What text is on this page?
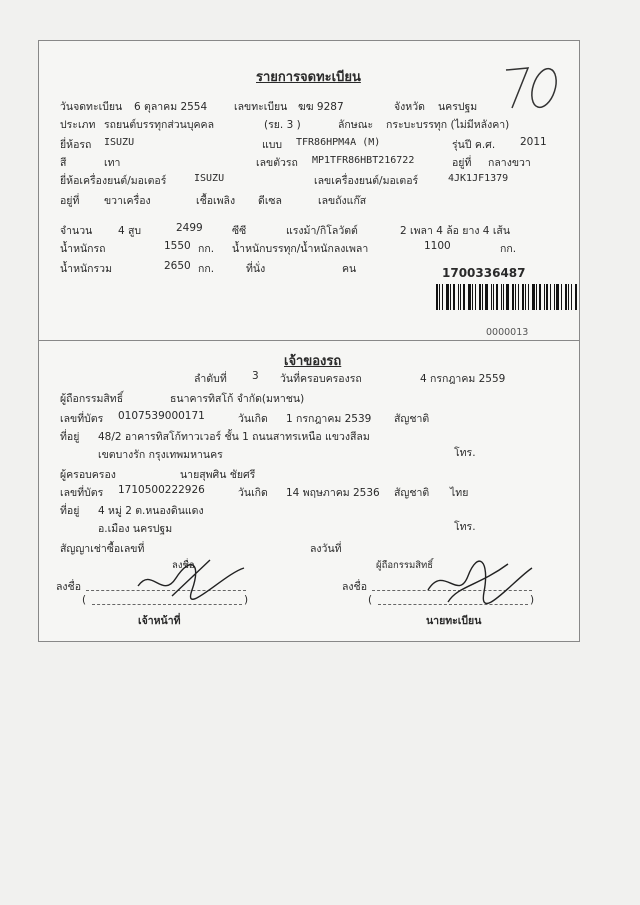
รายการจดทะเบียน
วันจดทะเบียน 6 ตุลาคม 2554	เลขทะเบียน ฆฆ 9287	จังหวัด นครปฐม
ประเภท รถยนต์บรรทุกส่วนบุคคล	(รย. 3 )	ลักษณะ กระบะบรรทุก (ไม่มีหลังคา)
ยี่ห้อรถ ISUZU	แบบ TFR86HPM4A (M)	รุ่นปี ค.ศ. 2011
สี	เทา	เลขตัวรถ MP1TFR86HBT216722	อยู่ที่ กลางขวา
ยี่ห้อเครื่องยนต์/มอเตอร์	ISUZU	เลขเครื่องยนต์/มอเตอร์	4JK1JF1379
อยู่ที่ ขวาเครื่อง	เชื้อเพลิง ดีเซล	เลขถังแก๊ส
จำนวน 4 สูบ	2499	ซีซี	แรงม้า/กิโลวัตต์	2 เพลา 4 ล้อ ยาง 4 เส้น
น้ำหนักรถ	1550 กก. น้ำหนักบรรทุก/น้ำหนักลงเพลา	1100	กก.
น้ำหนักรวม	2650 กก.	ที่นั่ง	คน	1700336487
0000013
เจ้าของรถ
ลำดับที่ 3 วันที่ครอบครองรถ	4 กรกฎาคม 2559
ผู้ถือกรรมสิทธิ์	ธนาคารทิสโก้ จำกัด(มหาชน)
เลขที่บัตร 0107539000171	วันเกิด 1 กรกฎาคม 2539 สัญชาติ
ที่อยู่ 48/2 อาคารทิสโก้ทาวเวอร์ ชั้น 1 ถนนสาทรเหนือ แขวงสีลม
เขตบางรัก กรุงเทพมหานคร	โทร.
ผู้ครอบครอง	นายสุพศิน ชัยศรี
เลขที่บัตร 1710500222926	วันเกิด 14 พฤษภาคม 2536 สัญชาติ ไทย
ที่อยู่ 4 หมู่ 2 ต.หนองดินแดง
อ.เมือง นครปฐม	โทร.
สัญญาเช่าซื้อเลขที่	ลงวันที่
ลงชื่อ	ผู้ถือกรรมสิทธิ์
ลงชื่อ	ลงชื่อ
(	)	(	)
เจ้าหน้าที่	นายทะเบียน
